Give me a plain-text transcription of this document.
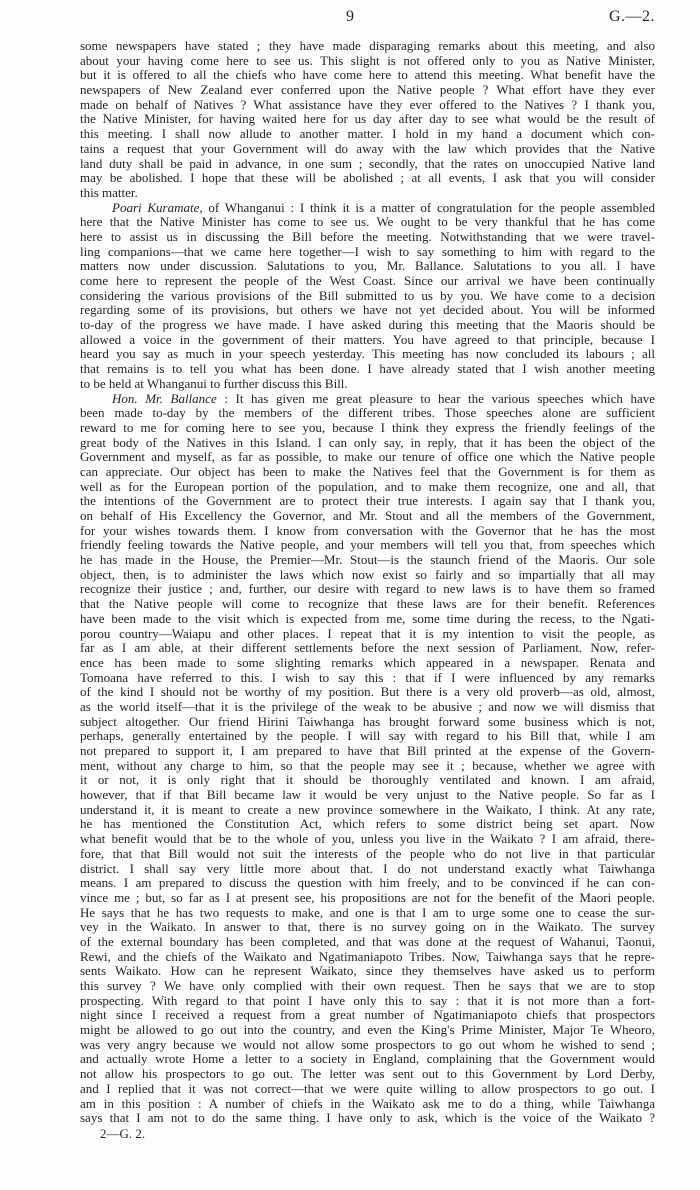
9	G.—2.
some newspapers have stated ; they have made disparaging remarks about this meeting, and also
about your having come here to see us. This slight is not offered only to you as Native Minister,
but it is offered to all the chiefs who have come here to attend this meeting. What benefit have the
newspapers of New Zealand ever conferred upon the Native people ? What effort have they ever
made on behalf of Natives ? What assistance have they ever offered to the Natives ? I thank you,
the Native Minister, for having waited here for us day after day to see what would be the result of
this meeting. I shall now allude to another matter. I hold in my hand a document which con-
tains a request that your Government will do away with the law which provides that the Native
land duty shall be paid in advance, in one sum ; secondly, that the rates on unoccupied Native land
may be abolished. I hope that these will be abolished ; at all events, I ask that you will consider
this matter.
Poari Kuramate, of Whanganui : I think it is a matter of congratulation for the people assembled
here that the Native Minister has come to see us. We ought to be very thankful that he has come
here to assist us in discussing the Bill before the meeting. Notwithstanding that we were travel-
ling companions—that we came here together—I wish to say something to him with regard to the
matters now under discussion. Salutations to you, Mr. Ballance. Salutations to you all. I have
come here to represent the people of the West Coast. Since our arrival we have been continually
considering the various provisions of the Bill submitted to us by you. We have come to a decision
regarding some of its provisions, but others we have not yet decided about. You will be informed
to-day of the progress we have made. I have asked during this meeting that the Maoris should be
allowed a voice in the government of their matters. You have agreed to that principle, because I
heard you say as much in your speech yesterday. This meeting has now concluded its labours ; all
that remains is to tell you what has been done. I have already stated that I wish another meeting
to be held at Whanganui to further discuss this Bill.
Hon. Mr. Ballance : It has given me great pleasure to hear the various speeches which have
been made to-day by the members of the different tribes. Those speeches alone are sufficient
reward to me for coming here to see you, because I think they express the friendly feelings of the
great body of the Natives in this Island. I can only say, in reply, that it has been the object of the
Government and myself, as far as possible, to make our tenure of office one which the Native people
can appreciate. Our object has been to make the Natives feel that the Government is for them as
well as for the European portion of the population, and to make them recognize, one and all, that
the intentions of the Government are to protect their true interests. I again say that I thank you,
on behalf of His Excellency the Governor, and Mr. Stout and all the members of the Government,
for your wishes towards them. I know from conversation with the Governor that he has the most
friendly feeling towards the Native people, and your members will tell you that, from speeches which
he has made in the House, the Premier—Mr. Stout—is the staunch friend of the Maoris. Our sole
object, then, is to administer the laws which now exist so fairly and so impartially that all may
recognize their justice ; and, further, our desire with regard to new laws is to have them so framed
that the Native people will come to recognize that these laws are for their benefit. References
have been made to the visit which is expected from me, some time during the recess, to the Ngati-
porou country—Waiapu and other places. I repeat that it is my intention to visit the people, as
far as I am able, at their different settlements before the next session of Parliament. Now, refer-
ence has been made to some slighting remarks which appeared in a newspaper. Renata and
Tomoana have referred to this. I wish to say this : that if I were influenced by any remarks
of the kind I should not be worthy of my position. But there is a very old proverb—as old, almost,
as the world itself—that it is the privilege of the weak to be abusive ; and now we will dismiss that
subject altogether. Our friend Hirini Taiwhanga has brought forward some business which is not,
perhaps, generally entertained by the people. I will say with regard to his Bill that, while I am
not prepared to support it, I am prepared to have that Bill printed at the expense of the Govern-
ment, without any charge to him, so that the people may see it ; because, whether we agree with
it or not, it is only right that it should be thoroughly ventilated and known. I am afraid,
however, that if that Bill became law it would be very unjust to the Native people. So far as I
understand it, it is meant to create a new province somewhere in the Waikato, I think. At any rate,
he has mentioned the Constitution Act, which refers to some district being set apart. Now
what benefit would that be to the whole of you, unless you live in the Waikato ? I am afraid, there-
fore, that that Bill would not suit the interests of the people who do not live in that particular
district. I shall say very little more about that. I do not understand exactly what Taiwhanga
means. I am prepared to discuss the question with him freely, and to be convinced if he can con-
vince me ; but, so far as I at present see, his propositions are not for the benefit of the Maori people.
He says that he has two requests to make, and one is that I am to urge some one to cease the sur-
vey in the Waikato. In answer to that, there is no survey going on in the Waikato. The survey
of the external boundary has been completed, and that was done at the request of Wahanui, Taonui,
Rewi, and the chiefs of the Waikato and Ngatimaniapoto Tribes. Now, Taiwhanga says that he repre-
sents Waikato. How can he represent Waikato, since they themselves have asked us to perform
this survey ? We have only complied with their own request. Then he says that we are to stop
prospecting. With regard to that point I have only this to say : that it is not more than a fort-
night since I received a request from a great number of Ngatimaniapoto chiefs that prospectors
might be allowed to go out into the country, and even the King's Prime Minister, Major Te Wheoro,
was very angry because we would not allow some prospectors to go out whom he wished to send ;
and actually wrote Home a letter to a society in England, complaining that the Government would
not allow his prospectors to go out. The letter was sent out to this Government by Lord Derby,
and I replied that it was not correct—that we were quite willing to allow prospectors to go out. I
am in this position : A number of chiefs in the Waikato ask me to do a thing, while Taiwhanga
says that I am not to do the same thing. I have only to ask, which is the voice of the Waikato ?
2—G. 2.
